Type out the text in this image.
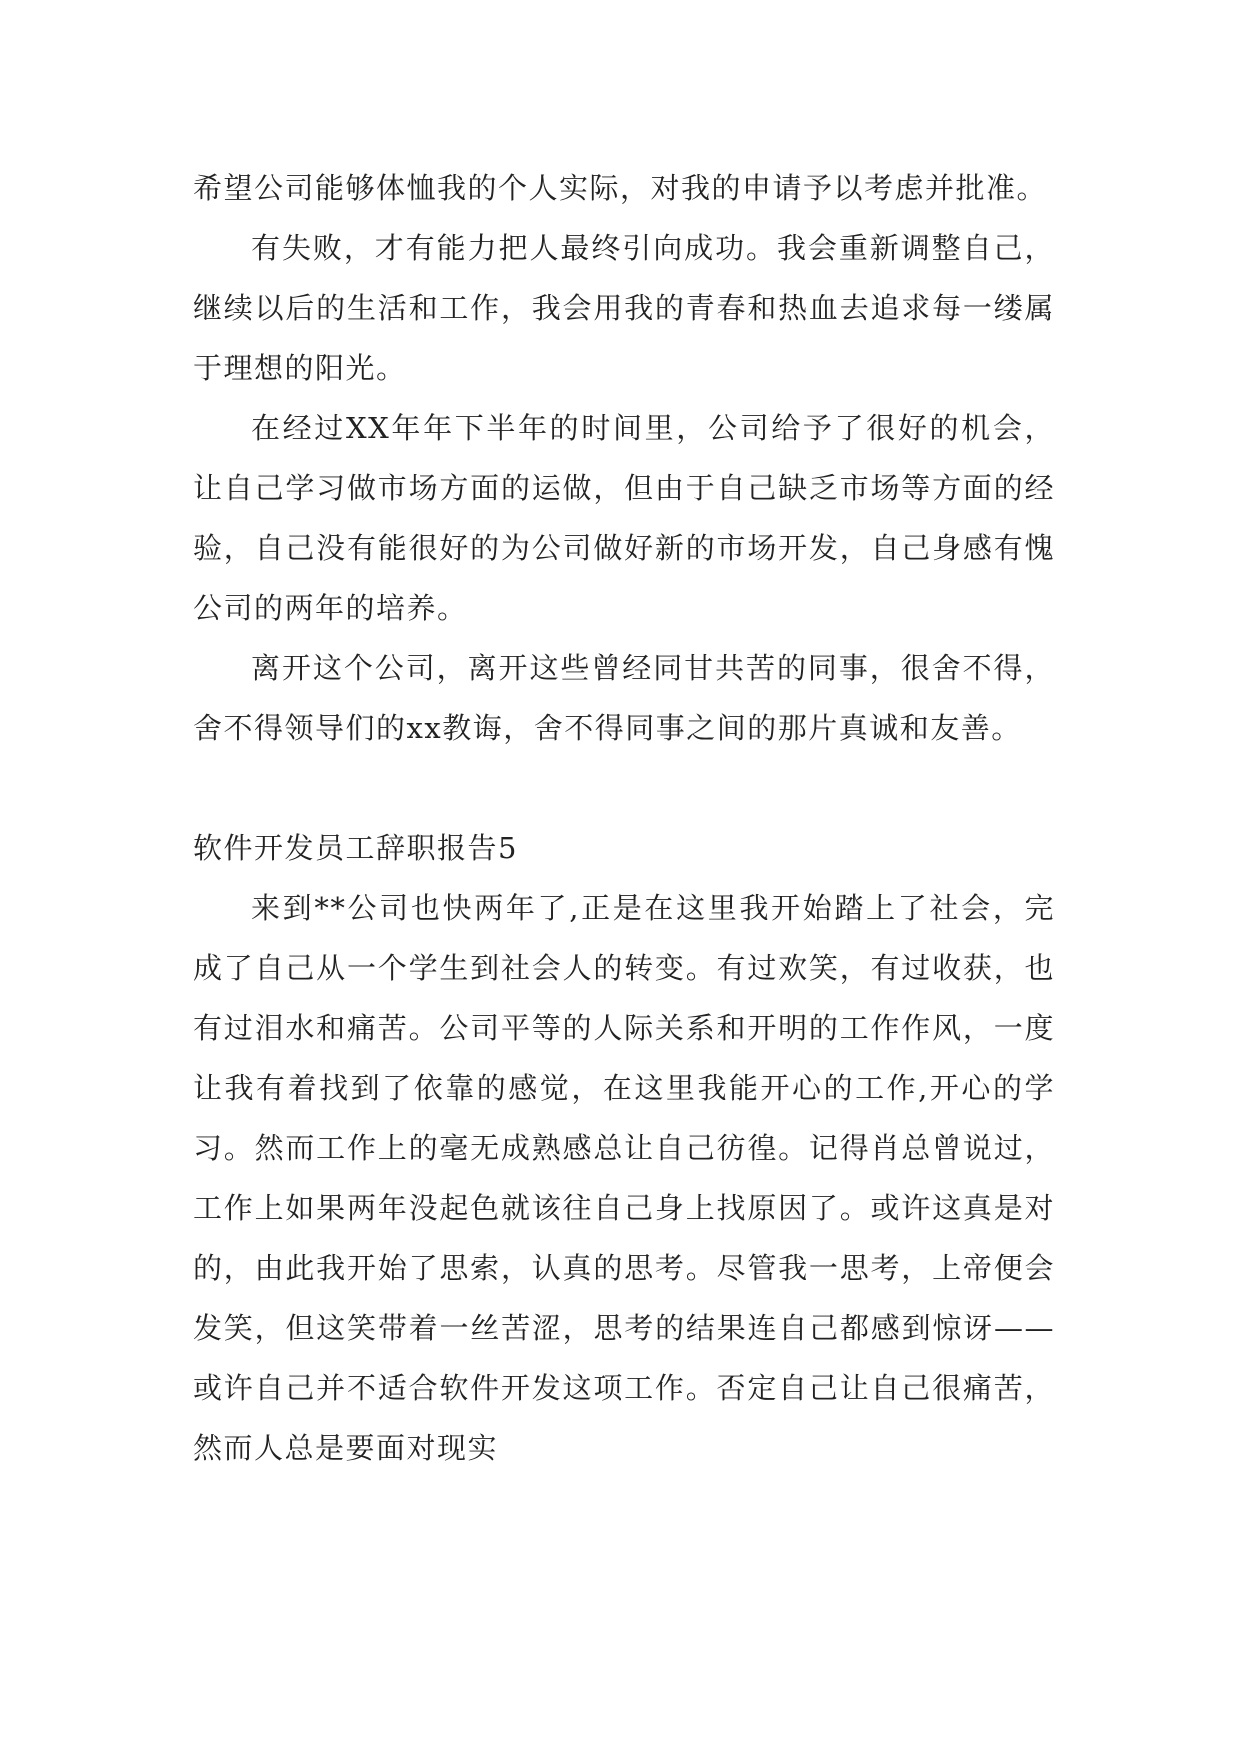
希望公司能够体恤我的个人实际，对我的申请予以考虑并批准。

有失败，才有能力把人最终引向成功。我会重新调整自己，继续以后的生活和工作，我会用我的青春和热血去追求每一缕属于理想的阳光。

在经过XX年年下半年的时间里，公司给予了很好的机会，让自己学习做市场方面的运做，但由于自己缺乏市场等方面的经验，自己没有能很好的为公司做好新的市场开发，自己身感有愧公司的两年的培养。

离开这个公司，离开这些曾经同甘共苦的同事，很舍不得，舍不得领导们的xx教诲，舍不得同事之间的那片真诚和友善。

软件开发员工辞职报告5

来到**公司也快两年了,正是在这里我开始踏上了社会，完成了自己从一个学生到社会人的转变。有过欢笑，有过收获，也有过泪水和痛苦。公司平等的人际关系和开明的工作作风，一度让我有着找到了依靠的感觉，在这里我能开心的工作,开心的学习。然而工作上的毫无成熟感总让自己彷徨。记得肖总曾说过，工作上如果两年没起色就该往自己身上找原因了。或许这真是对的，由此我开始了思索，认真的思考。尽管我一思考，上帝便会发笑，但这笑带着一丝苦涩，思考的结果连自己都感到惊讶——或许自己并不适合软件开发这项工作。否定自己让自己很痛苦，然而人总是要面对现实
